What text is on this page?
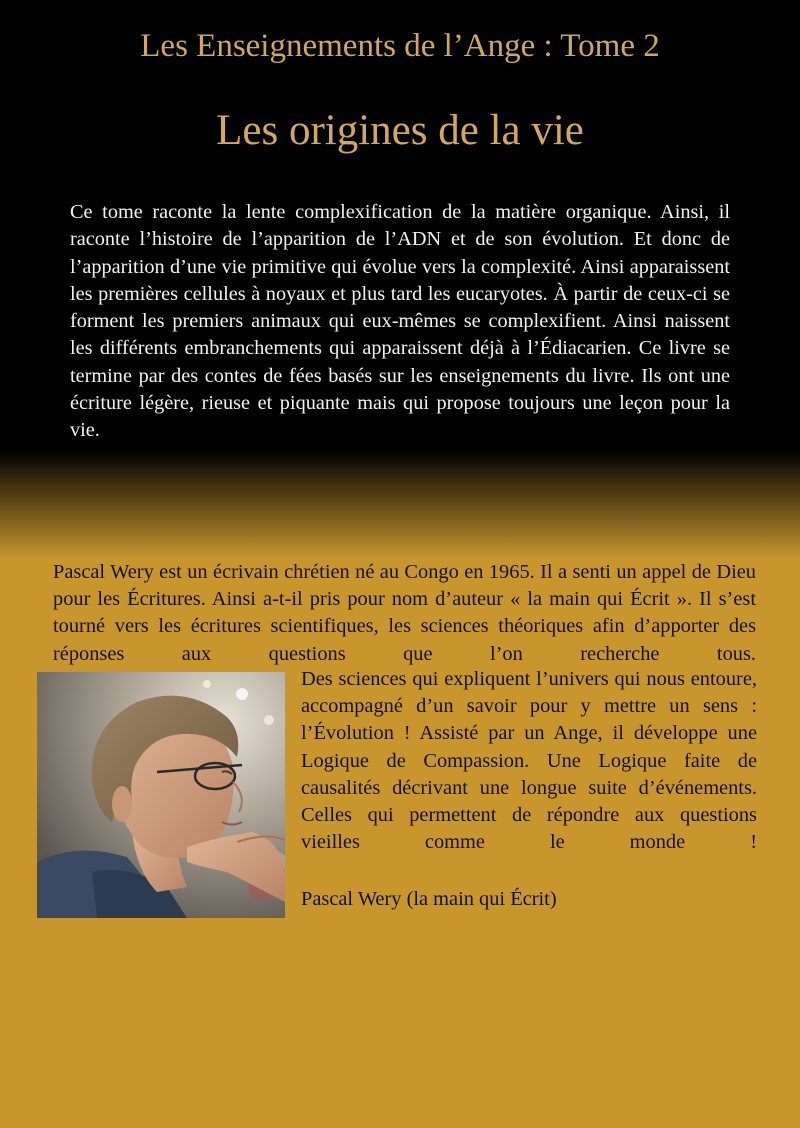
Les Enseignements de l’Ange : Tome 2
Les origines de la vie

Ce tome raconte la lente complexification de la matière organique. Ainsi, il raconte l’histoire de l’apparition de l’ADN et de son évolution. Et donc de l’apparition d’une vie primitive qui évolue vers la complexité. Ainsi apparaissent les premières cellules à noyaux et plus tard les eucaryotes. À partir de ceux-ci se forment les premiers animaux qui eux-mêmes se complexifient. Ainsi naissent les différents embranchements qui apparaissent déjà à l’Édiacarien. Ce livre se termine par des contes de fées basés sur les enseignements du livre. Ils ont une écriture légère, rieuse et piquante mais qui propose toujours une leçon pour la vie.

Pascal Wery est un écrivain chrétien né au Congo en 1965. Il a senti un appel de Dieu pour les Écritures. Ainsi a-t-il pris pour nom d’auteur « la main qui Écrit ». Il s’est tourné vers les écritures scientifiques, les sciences théoriques afin d’apporter des réponses aux questions que l’on recherche tous.

Des sciences qui expliquent l’univers qui nous entoure, accompagné d’un savoir pour y mettre un sens : l’Évolution ! Assisté par un Ange, il développe une Logique de Compassion. Une Logique faite de causalités décrivant une longue suite d’événements. Celles qui permettent de répondre aux questions vieilles comme le monde !

Pascal Wery (la main qui Écrit)
